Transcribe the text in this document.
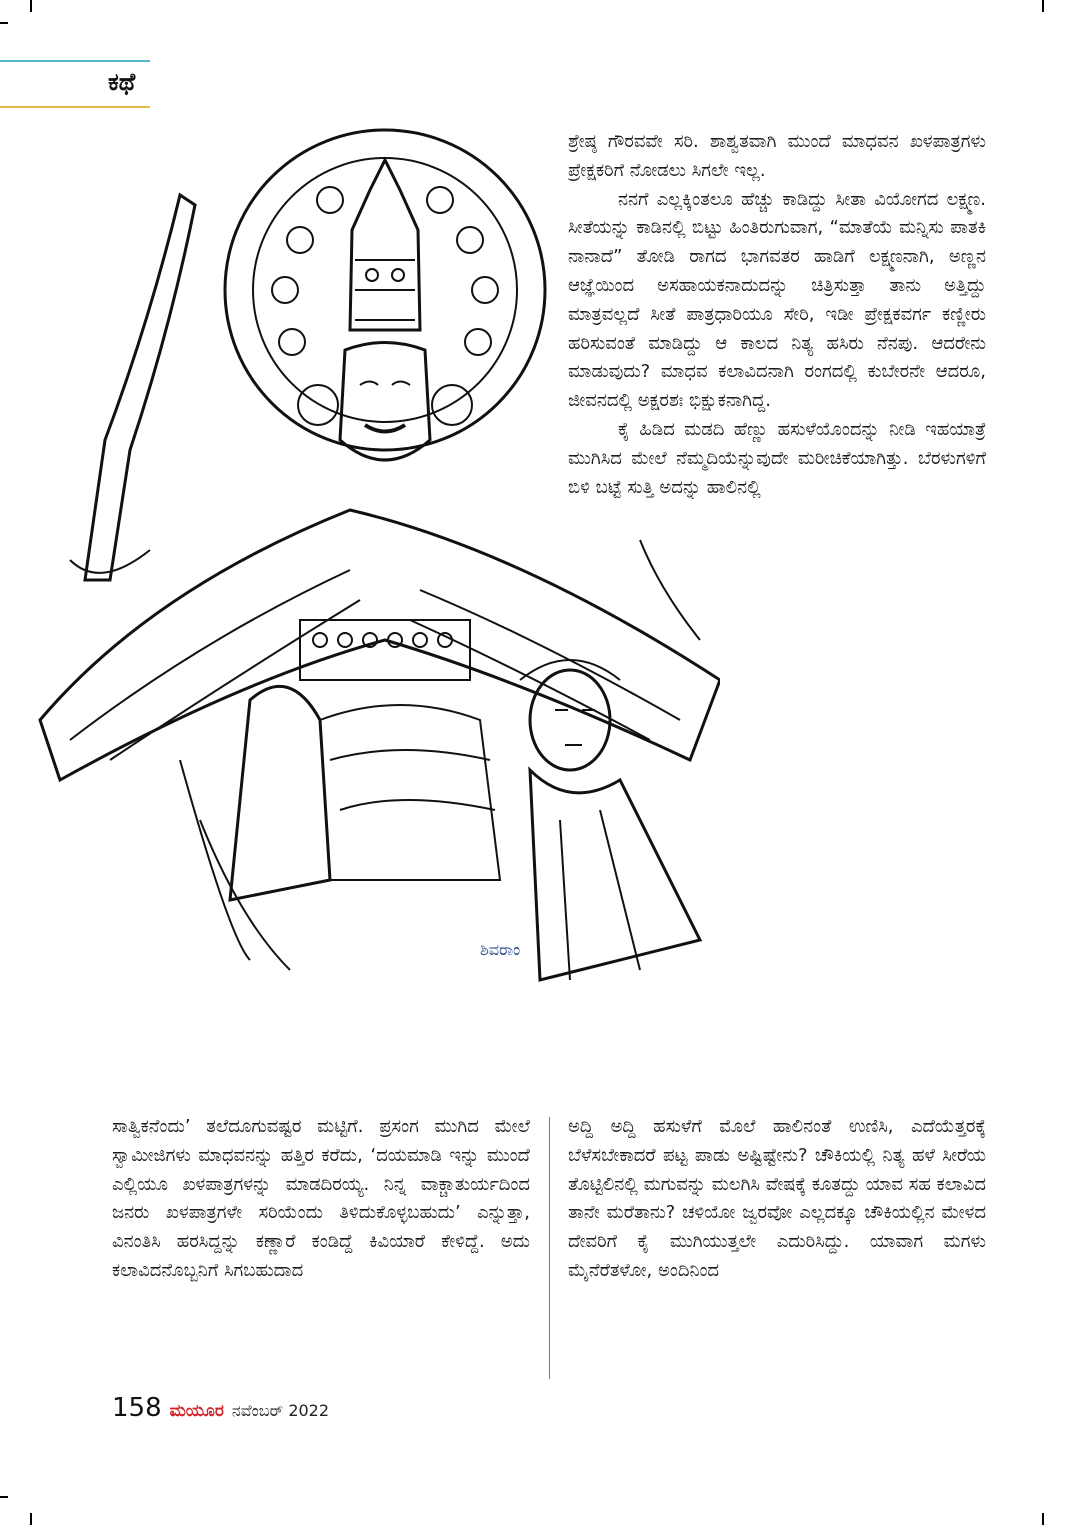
ಕಥೆ
ಶಿವರಾಂ

ಶ್ರೇಷ್ಠ ಗೌರವವೇ ಸರಿ. ಶಾಶ್ವತವಾಗಿ ಮುಂದೆ ಮಾಧವನ ಖಳಪಾತ್ರಗಳು ಪ್ರೇಕ್ಷಕರಿಗೆ ನೋಡಲು ಸಿಗಲೇ ಇಲ್ಲ.

ನನಗೆ ಎಲ್ಲಕ್ಕಿಂತಲೂ ಹೆಚ್ಚು ಕಾಡಿದ್ದು ಸೀತಾ ವಿಯೋಗದ ಲಕ್ಷ್ಮಣ. ಸೀತೆಯನ್ನು ಕಾಡಿನಲ್ಲಿ ಬಿಟ್ಟು ಹಿಂತಿರುಗುವಾಗ, “ಮಾತೆಯೆ ಮನ್ನಿಸು ಪಾತಕಿ ನಾನಾದೆ” ತೋಡಿ ರಾಗದ ಭಾಗವತರ ಹಾಡಿಗೆ ಲಕ್ಷ್ಮಣನಾಗಿ, ಅಣ್ಣನ ಆಜ್ಞೆಯಿಂದ ಅಸಹಾಯಕನಾದುದನ್ನು ಚಿತ್ರಿಸುತ್ತಾ ತಾನು ಅತ್ತಿದ್ದು ಮಾತ್ರವಲ್ಲದೆ ಸೀತೆ ಪಾತ್ರಧಾರಿಯೂ ಸೇರಿ, ಇಡೀ ಪ್ರೇಕ್ಷಕವರ್ಗ ಕಣ್ಣೀರು ಹರಿಸುವಂತೆ ಮಾಡಿದ್ದು ಆ ಕಾಲದ ನಿತ್ಯ ಹಸಿರು ನೆನಪು. ಆದರೇನು ಮಾಡುವುದು? ಮಾಧವ ಕಲಾವಿದನಾಗಿ ರಂಗದಲ್ಲಿ ಕುಬೇರನೇ ಆದರೂ, ಜೀವನದಲ್ಲಿ ಅಕ್ಷರಶಃ ಭಿಕ್ಷುಕನಾಗಿದ್ದ.

ಕೈ ಹಿಡಿದ ಮಡದಿ ಹೆಣ್ಣು ಹಸುಳೆಯೊಂದನ್ನು ನೀಡಿ ಇಹಯಾತ್ರೆ ಮುಗಿಸಿದ ಮೇಲೆ ನೆಮ್ಮದಿಯೆನ್ನುವುದೇ ಮರೀಚಿಕೆಯಾಗಿತ್ತು. ಬೆರಳುಗಳಿಗೆ ಬಿಳಿ ಬಟ್ಟೆ ಸುತ್ತಿ ಅದನ್ನು ಹಾಲಿನಲ್ಲಿ

ಸಾತ್ವಿಕನೆಂದು’ ತಲೆದೂಗುವಷ್ಟರ ಮಟ್ಟಿಗೆ. ಪ್ರಸಂಗ ಮುಗಿದ ಮೇಲೆ ಸ್ವಾಮೀಜಿಗಳು ಮಾಧವನನ್ನು ಹತ್ತಿರ ಕರೆದು, ‘ದಯಮಾಡಿ ಇನ್ನು ಮುಂದೆ ಎಲ್ಲಿಯೂ ಖಳಪಾತ್ರಗಳನ್ನು ಮಾಡದಿರಯ್ಯ. ನಿನ್ನ ವಾಕ್ಚಾತುರ್ಯದಿಂದ ಜನರು ಖಳಪಾತ್ರಗಳೇ ಸರಿಯೆಂದು ತಿಳಿದುಕೊಳ್ಳಬಹುದು’ ಎನ್ನುತ್ತಾ, ವಿನಂತಿಸಿ ಹರಸಿದ್ದನ್ನು ಕಣ್ಣಾರೆ ಕಂಡಿದ್ದೆ ಕಿವಿಯಾರೆ ಕೇಳಿದ್ದೆ. ಅದು ಕಲಾವಿದನೊಬ್ಬನಿಗೆ ಸಿಗಬಹುದಾದ

ಅದ್ದಿ ಅದ್ದಿ ಹಸುಳೆಗೆ ಮೊಲೆ ಹಾಲಿನಂತೆ ಉಣಿಸಿ, ಎದೆಯೆತ್ತರಕ್ಕೆ ಬೆಳೆಸಬೇಕಾದರೆ ಪಟ್ಟ ಪಾಡು ಅಷ್ಟಿಷ್ಟೇನು? ಚೌಕಿಯಲ್ಲಿ ನಿತ್ಯ ಹಳೆ ಸೀರೆಯ ತೊಟ್ಟಿಲಿನಲ್ಲಿ ಮಗುವನ್ನು ಮಲಗಿಸಿ ವೇಷಕ್ಕೆ ಕೂತದ್ದು ಯಾವ ಸಹ ಕಲಾವಿದ ತಾನೇ ಮರೆತಾನು? ಚಳಿಯೋ ಜ್ವರವೋ ಎಲ್ಲದಕ್ಕೂ ಚೌಕಿಯಲ್ಲಿನ ಮೇಳದ ದೇವರಿಗೆ ಕೈ ಮುಗಿಯುತ್ತಲೇ ಎದುರಿಸಿದ್ದು. ಯಾವಾಗ ಮಗಳು ಮೈನೆರೆತಳೋ, ಅಂದಿನಿಂದ

158 ಮಯೂರ ನವೆಂಬರ್ 2022
